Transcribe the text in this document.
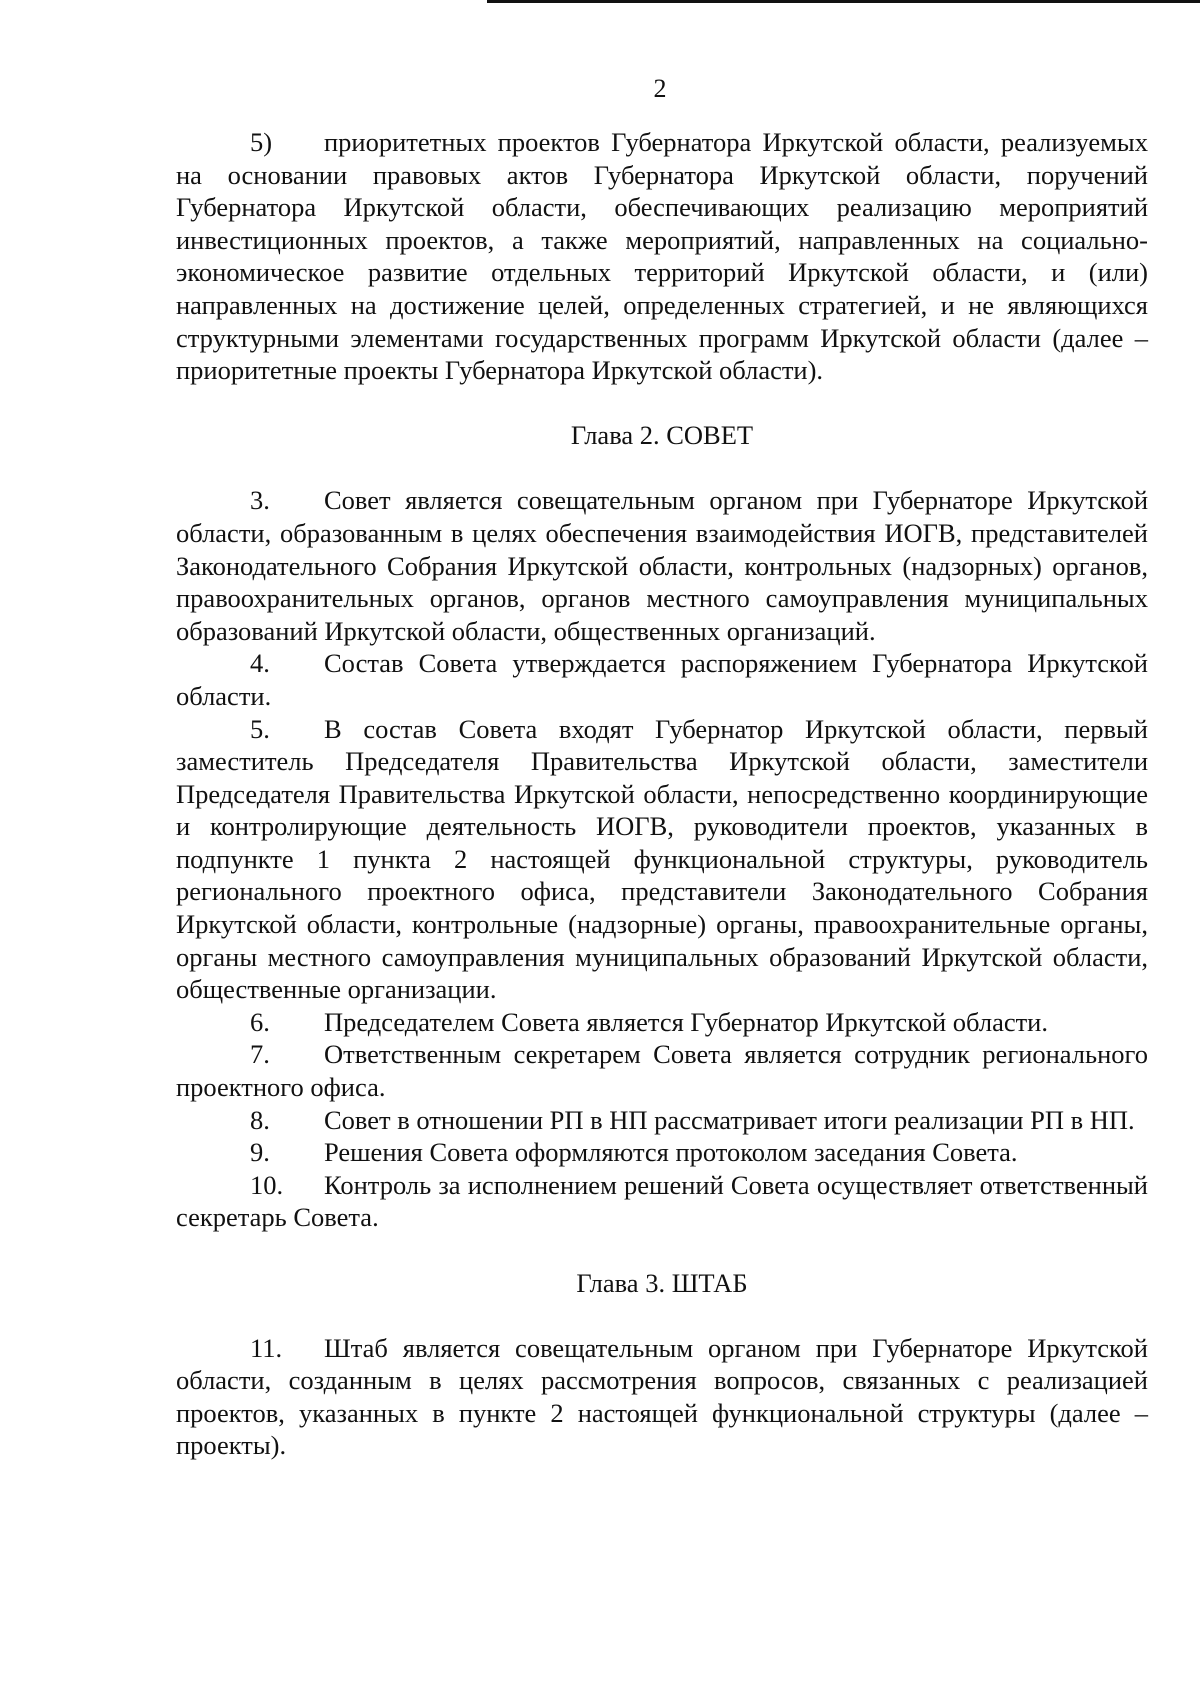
2

5) приоритетных проектов Губернатора Иркутской области, реализуемых на основании правовых актов Губернатора Иркутской области, поручений Губернатора Иркутской области, обеспечивающих реализацию мероприятий инвестиционных проектов, а также мероприятий, направленных на социально-экономическое развитие отдельных территорий Иркутской области, и (или) направленных на достижение целей, определенных стратегией, и не являющихся структурными элементами государственных программ Иркутской области (далее – приоритетные проекты Губернатора Иркутской области).

Глава 2. СОВЕТ

3. Совет является совещательным органом при Губернаторе Иркутской области, образованным в целях обеспечения взаимодействия ИОГВ, представителей Законодательного Собрания Иркутской области, контрольных (надзорных) органов, правоохранительных органов, органов местного самоуправления муниципальных образований Иркутской области, общественных организаций.

4. Состав Совета утверждается распоряжением Губернатора Иркутской области.

5. В состав Совета входят Губернатор Иркутской области, первый заместитель Председателя Правительства Иркутской области, заместители Председателя Правительства Иркутской области, непосредственно координирующие и контролирующие деятельность ИОГВ, руководители проектов, указанных в подпункте 1 пункта 2 настоящей функциональной структуры, руководитель регионального проектного офиса, представители Законодательного Собрания Иркутской области, контрольные (надзорные) органы, правоохранительные органы, органы местного самоуправления муниципальных образований Иркутской области, общественные организации.

6. Председателем Совета является Губернатор Иркутской области.

7. Ответственным секретарем Совета является сотрудник регионального проектного офиса.

8. Совет в отношении РП в НП рассматривает итоги реализации РП в НП.

9. Решения Совета оформляются протоколом заседания Совета.

10. Контроль за исполнением решений Совета осуществляет ответственный секретарь Совета.

Глава 3. ШТАБ

11. Штаб является совещательным органом при Губернаторе Иркутской области, созданным в целях рассмотрения вопросов, связанных с реализацией проектов, указанных в пункте 2 настоящей функциональной структуры (далее – проекты).
